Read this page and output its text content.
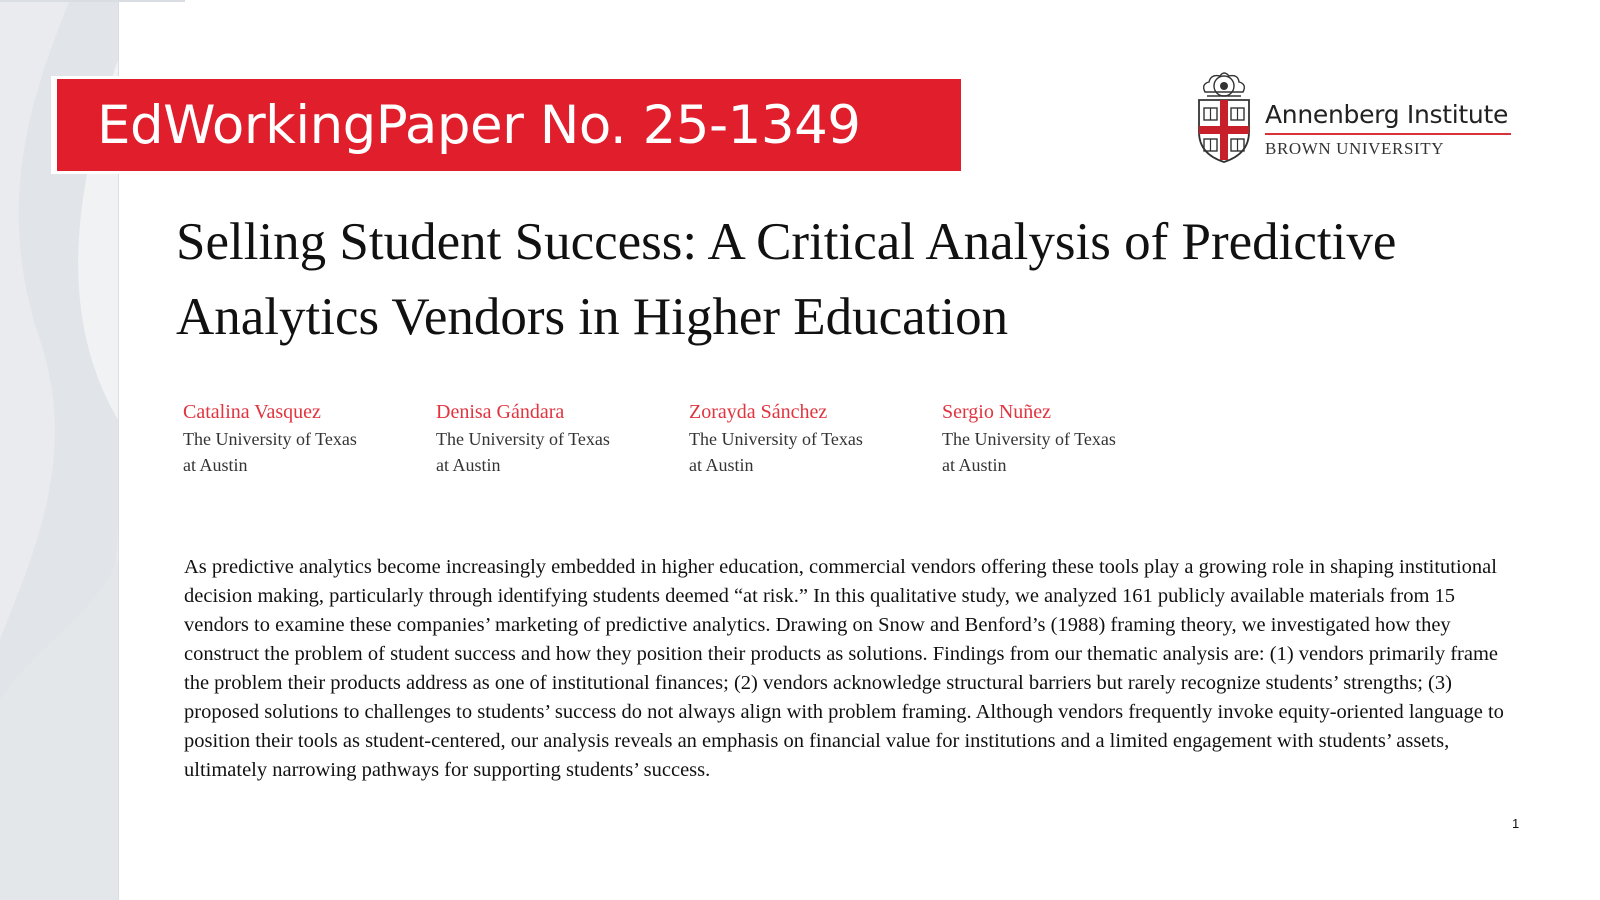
EdWorkingPaper No. 25-1349	Annenberg Institute
BROWN UNIVERSITY
Selling Student Success: A Critical Analysis of Predictive Analytics Vendors in Higher Education
Catalina Vasquez
The University of Texas
at Austin
Denisa Gándara
The University of Texas
at Austin
Zorayda Sánchez
The University of Texas
at Austin
Sergio Nuñez
The University of Texas
at Austin

As predictive analytics become increasingly embedded in higher education, commercial vendors offering these tools play a growing role in shaping institutional decision making, particularly through identifying students deemed “at risk.” In this qualitative study, we analyzed 161 publicly available materials from 15 vendors to examine these companies’ marketing of predictive analytics. Drawing on Snow and Benford’s (1988) framing theory, we investigated how they construct the problem of student success and how they position their products as solutions. Findings from our thematic analysis are: (1) vendors primarily frame the problem their products address as one of institutional finances; (2) vendors acknowledge structural barriers but rarely recognize students’ strengths; (3) proposed solutions to challenges to students’ success do not always align with problem framing. Although vendors frequently invoke equity-oriented language to position their tools as student-centered, our analysis reveals an emphasis on financial value for institutions and a limited engagement with students’ assets, ultimately narrowing pathways for supporting students’ success.

1
